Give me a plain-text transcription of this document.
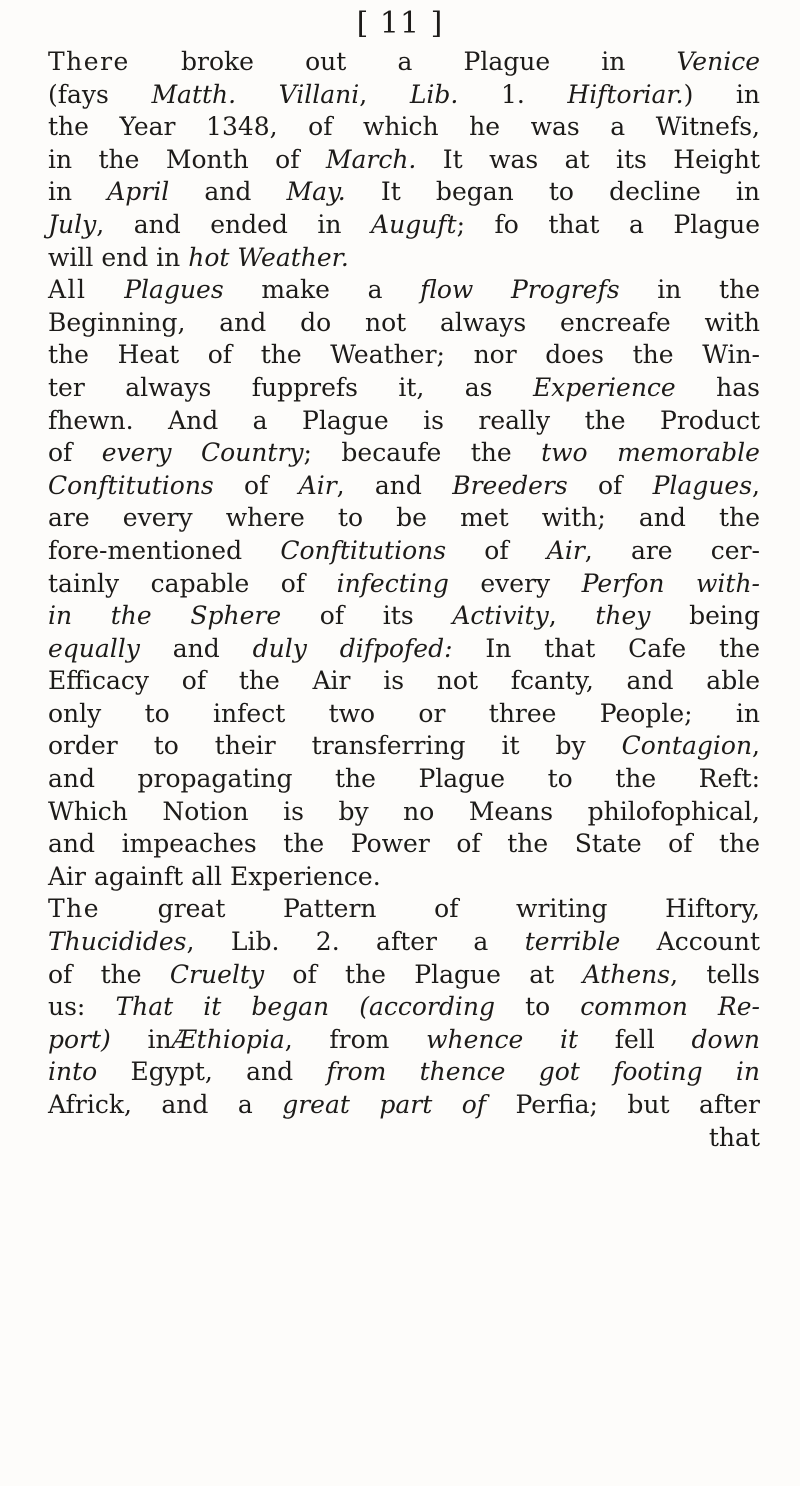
[ 11 ]
There broke out a Plague in Venice
(fays Matth. Villani, Lib. 1. Hiftoriar.) in
the Year 1348, of which he was a Witnefs,
in the Month of March. It was at its Height
in April and May. It began to decline in
July, and ended in Auguft; fo that a Plague
will end in hot Weather.
All Plagues make a flow Progrefs in the
Beginning, and do not always encreafe with
the Heat of the Weather; nor does the Win-
ter always fupprefs it, as Experience has
fhewn. And a Plague is really the Product
of every Country; becaufe the two memorable
Conftitutions of Air, and Breeders of Plagues,
are every where to be met with; and the
fore-mentioned Conftitutions of Air, are cer-
tainly capable of infecting every Perfon with-
in the Sphere of its Activity, they being
equally and duly difpofed: In that Cafe the
Efficacy of the Air is not fcanty, and able
only to infect two or three People; in
order to their transferring it by Contagion,
and propagating the Plague to the Reft:
Which Notion is by no Means philofophical,
and impeaches the Power of the State of the
Air againft all Experience.
The great Pattern of writing Hiftory,
Thucidides, Lib. 2. after a terrible Account
of the Cruelty of the Plague at Athens, tells
us: That it began (according to common Re-
port) inÆthiopia, from whence it fell down
into Egypt, and from thence got footing in
Africk, and a great part of Perfia; but after
that
